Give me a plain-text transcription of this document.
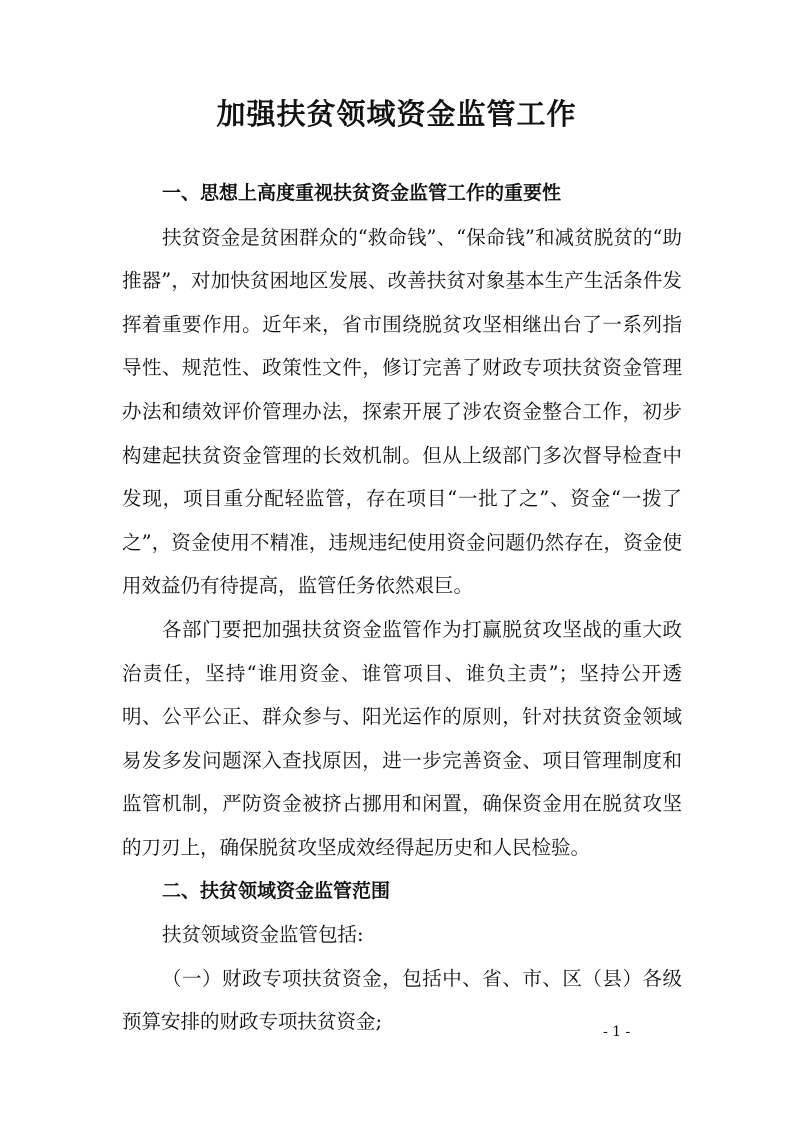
加强扶贫领域资金监管工作

一、思想上高度重视扶贫资金监管工作的重要性

扶贫资金是贫困群众的“救命钱”、“保命钱”和减贫脱贫的“助推器”，对加快贫困地区发展、改善扶贫对象基本生产生活条件发挥着重要作用。近年来，省市围绕脱贫攻坚相继出台了一系列指导性、规范性、政策性文件，修订完善了财政专项扶贫资金管理办法和绩效评价管理办法，探索开展了涉农资金整合工作，初步构建起扶贫资金管理的长效机制。但从上级部门多次督导检查中发现，项目重分配轻监管，存在项目“一批了之”、资金“一拨了之”，资金使用不精准，违规违纪使用资金问题仍然存在，资金使用效益仍有待提高，监管任务依然艰巨。

各部门要把加强扶贫资金监管作为打赢脱贫攻坚战的重大政治责任，坚持“谁用资金、谁管项目、谁负主责”；坚持公开透明、公平公正、群众参与、阳光运作的原则，针对扶贫资金领域易发多发问题深入查找原因，进一步完善资金、项目管理制度和监管机制，严防资金被挤占挪用和闲置，确保资金用在脱贫攻坚的刀刃上，确保脱贫攻坚成效经得起历史和人民检验。

二、扶贫领域资金监管范围

扶贫领域资金监管包括:

（一）财政专项扶贫资金，包括中、省、市、区（县）各级预算安排的财政专项扶贫资金;	- 1 -
